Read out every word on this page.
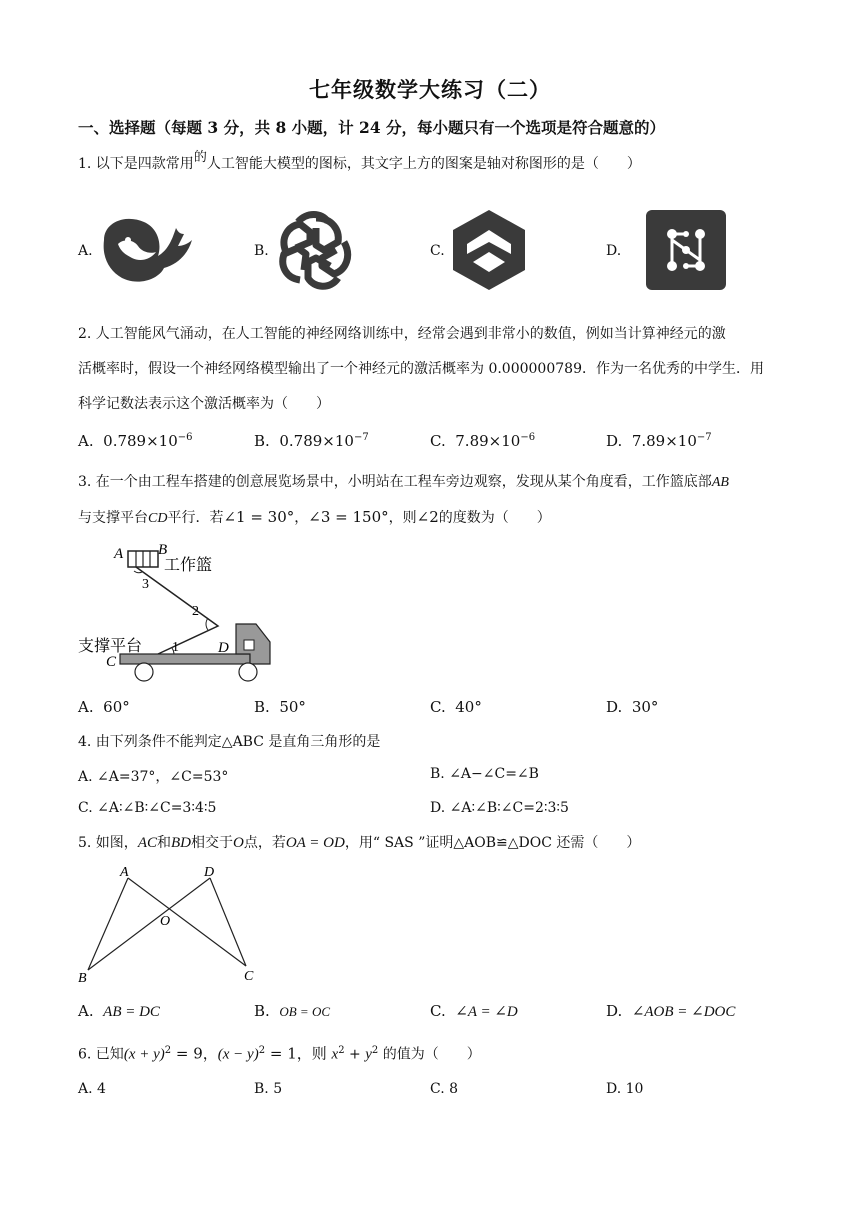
七年级数学大练习（二）
一、选择题（每题 3 分，共 8 小题，计 24 分，每小题只有一个选项是符合题意的）
1. 以下是四款常用的人工智能大模型的图标，其文字上方的图案是轴对称图形的是（　　）
A.	B.	C.	D.
2. 人工智能风气涌动，在人工智能的神经网络训练中，经常会遇到非常小的数值，例如当计算神经元的激
活概率时，假设一个神经网络模型输出了一个神经元的激活概率为 0.000000789．作为一名优秀的中学生．用
科学记数法表示这个激活概率为（　　）
A. $0.789\times 10^{-6}$	B. $0.789\times 10^{-7}$	C. $7.89\times 10^{-6}$	D. $7.89\times 10^{-7}$
3. 在一个由工程车搭建的创意展览场景中，小明站在工程车旁边观察，发现从某个角度看，工作篮底部AB
与支撑平台CD平行．若∠1 = 30°，∠3 = 150°，则∠2的度数为（　　）
A B
C
D
1
2
3
工作篮
支撑平台
A. 60°	B. 50°	C. 40°	D. 30°
4. 由下列条件不能判定△ABC 是直角三角形的是
A. ∠A=37°，∠C=53°	B. ∠A−∠C=∠B
C. ∠A∶∠B∶∠C=3∶4∶5	D. ∠A∶∠B∶∠C=2∶3∶5
5. 如图，AC和BD相交于O点，若OA = OD，用“ SAS ”证明△AOB≌△DOC 还需（　　）
A	D
O
B	C
A. AB = DC	B. OB = OC	C. ∠A = ∠D	D. ∠AOB = ∠DOC
6. 已知$(x + y)^2 = 9$，$(x - y)^2 = 1$，则 $x^2 + y^2$ 的值为（　　）
A. 4	B. 5	C. 8	D. 10
